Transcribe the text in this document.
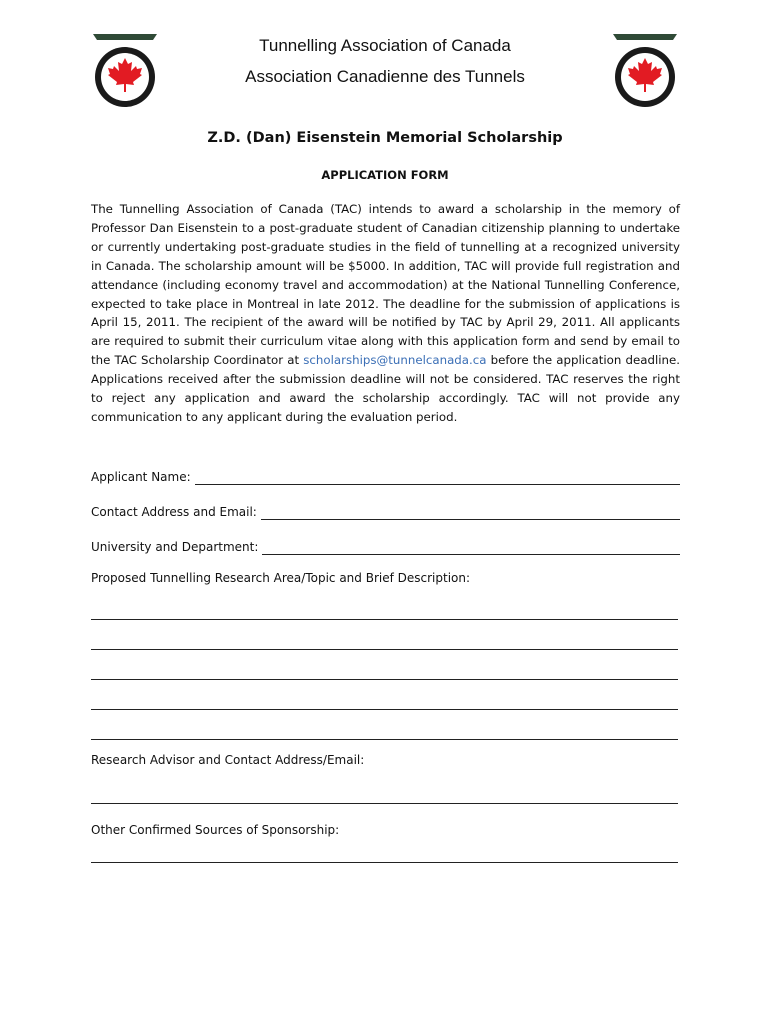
Tunnelling Association of Canada
Association Canadienne des Tunnels
Z.D. (Dan) Eisenstein Memorial Scholarship
APPLICATION FORM
The Tunnelling Association of Canada (TAC) intends to award a scholarship in the memory of Professor Dan Eisenstein to a post-graduate student of Canadian citizenship planning to undertake or currently undertaking post-graduate studies in the field of tunnelling at a recognized university in Canada. The scholarship amount will be $5000. In addition, TAC will provide full registration and attendance (including economy travel and accommodation) at the National Tunnelling Conference, expected to take place in Montreal in late 2012. The deadline for the submission of applications is April 15, 2011. The recipient of the award will be notified by TAC by April 29, 2011. All applicants are required to submit their curriculum vitae along with this application form and send by email to the TAC Scholarship Coordinator at scholarships@tunnelcanada.ca before the application deadline. Applications received after the submission deadline will not be considered. TAC reserves the right to reject any application and award the scholarship accordingly. TAC will not provide any communication to any applicant during the evaluation period.
Applicant Name:
Contact Address and Email:
University and Department:
Proposed Tunnelling Research Area/Topic and Brief Description:
Research Advisor and Contact Address/Email:
Other Confirmed Sources of Sponsorship:
